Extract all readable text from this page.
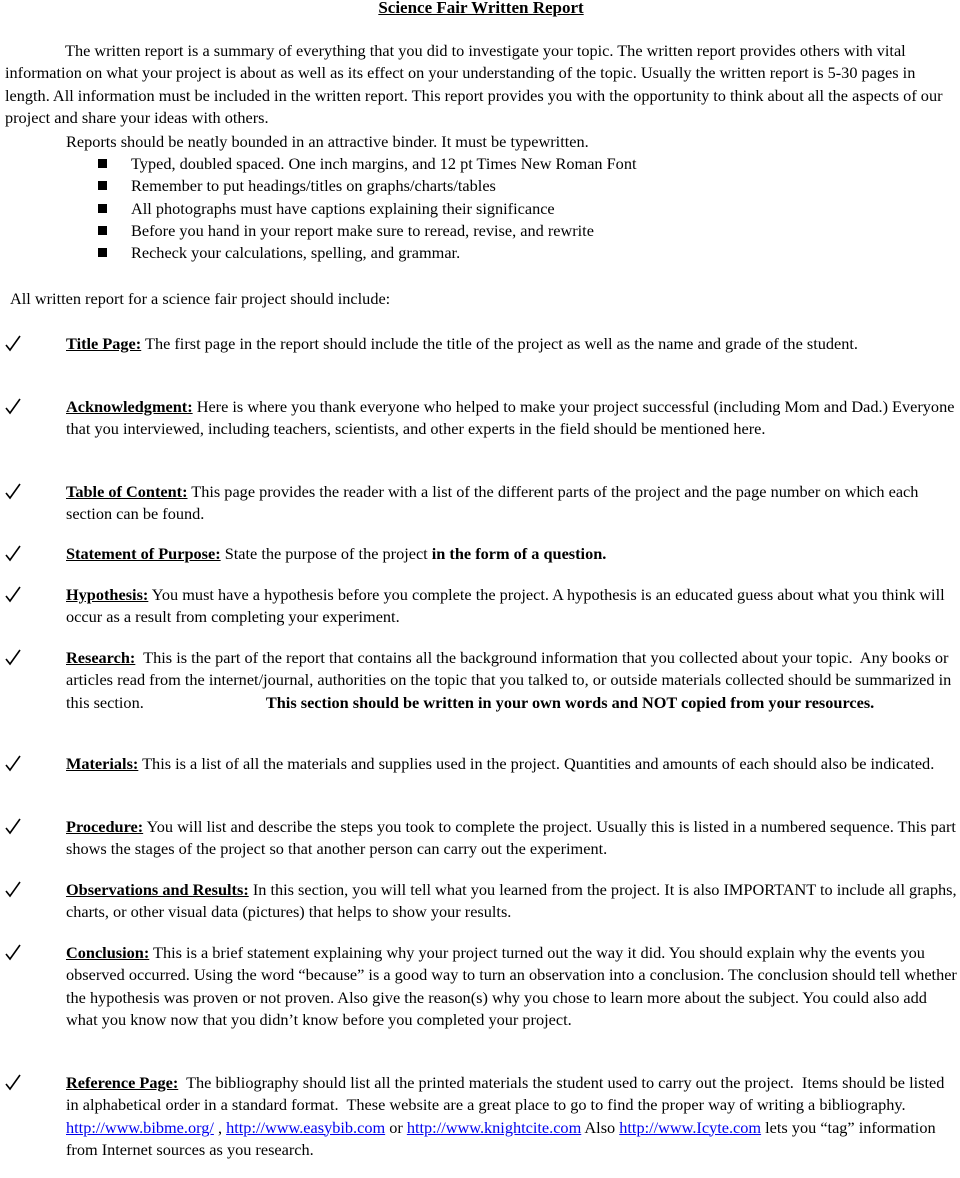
Science Fair Written Report
The written report is a summary of everything that you did to investigate your topic. The written report provides others with vital information on what your project is about as well as its effect on your understanding of the topic. Usually the written report is 5-30 pages in length. All information must be included in the written report. This report provides you with the opportunity to think about all the aspects of our project and share your ideas with others.

Reports should be neatly bounded in an attractive binder. It must be typewritten.

Typed, doubled spaced. One inch margins, and 12 pt Times New Roman Font
Remember to put headings/titles on graphs/charts/tables
All photographs must have captions explaining their significance
Before you hand in your report make sure to reread, revise, and rewrite
Recheck your calculations, spelling, and grammar.

All written report for a science fair project should include:

Title Page: The first page in the report should include the title of the project as well as the name and grade of the student.
Acknowledgment: Here is where you thank everyone who helped to make your project successful (including Mom and Dad.) Everyone that you interviewed, including teachers, scientists, and other experts in the field should be mentioned here.
Table of Content: This page provides the reader with a list of the different parts of the project and the page number on which each section can be found.
Statement of Purpose: State the purpose of the project in the form of a question.
Hypothesis: You must have a hypothesis before you complete the project. A hypothesis is an educated guess about what you think will occur as a result from completing your experiment.
Research:  This is the part of the report that contains all the background information that you collected about your topic.  Any books or articles read from the internet/journal, authorities on the topic that you talked to, or outside materials collected should be summarized in this section.                              This section should be written in your own words and NOT copied from your resources.
Materials: This is a list of all the materials and supplies used in the project. Quantities and amounts of each should also be indicated.
Procedure: You will list and describe the steps you took to complete the project. Usually this is listed in a numbered sequence. This part shows the stages of the project so that another person can carry out the experiment.
Observations and Results: In this section, you will tell what you learned from the project. It is also IMPORTANT to include all graphs, charts, or other visual data (pictures) that helps to show your results.
Conclusion: This is a brief statement explaining why your project turned out the way it did. You should explain why the events you observed occurred. Using the word “because” is a good way to turn an observation into a conclusion. The conclusion should tell whether the hypothesis was proven or not proven. Also give the reason(s) why you chose to learn more about the subject. You could also add what you know now that you didn’t know before you completed your project.
Reference Page:  The bibliography should list all the printed materials the student used to carry out the project.  Items should be listed in alphabetical order in a standard format.  These website are a great place to go to find the proper way of writing a bibliography.   http://www.bibme.org/ , http://www.easybib.com or http://www.knightcite.com Also http://www.Icyte.com lets you “tag” information from Internet sources as you research.
